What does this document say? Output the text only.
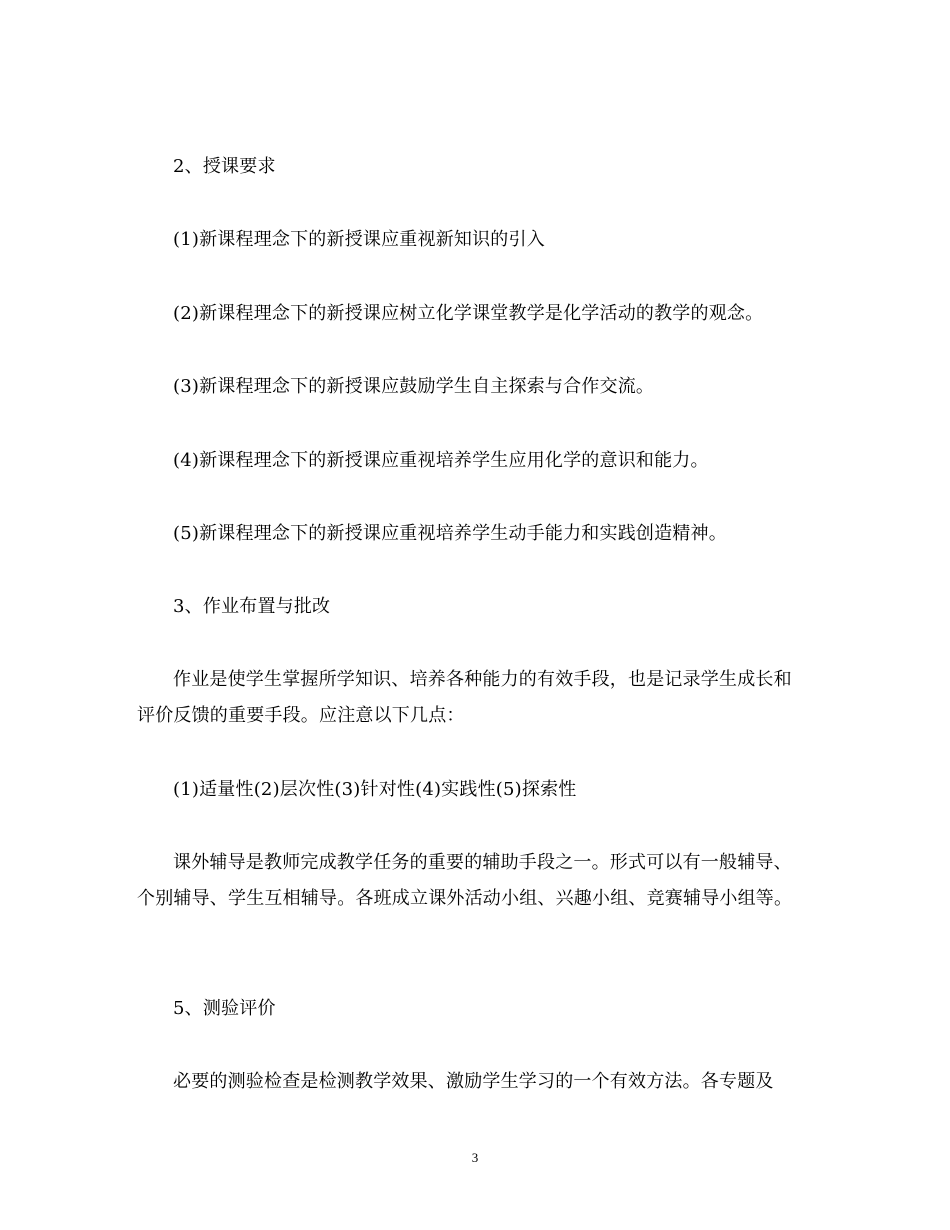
2、授课要求

(1)新课程理念下的新授课应重视新知识的引入

(2)新课程理念下的新授课应树立化学课堂教学是化学活动的教学的观念。

(3)新课程理念下的新授课应鼓励学生自主探索与合作交流。

(4)新课程理念下的新授课应重视培养学生应用化学的意识和能力。

(5)新课程理念下的新授课应重视培养学生动手能力和实践创造精神。

3、作业布置与批改

作业是使学生掌握所学知识、培养各种能力的有效手段，也是记录学生成长和评价反馈的重要手段。应注意以下几点：

(1)适量性(2)层次性(3)针对性(4)实践性(5)探索性

课外辅导是教师完成教学任务的重要的辅助手段之一。形式可以有一般辅导、个别辅导、学生互相辅导。各班成立课外活动小组、兴趣小组、竞赛辅导小组等。

5、测验评价

必要的测验检查是检测教学效果、激励学生学习的一个有效方法。各专题及

3
